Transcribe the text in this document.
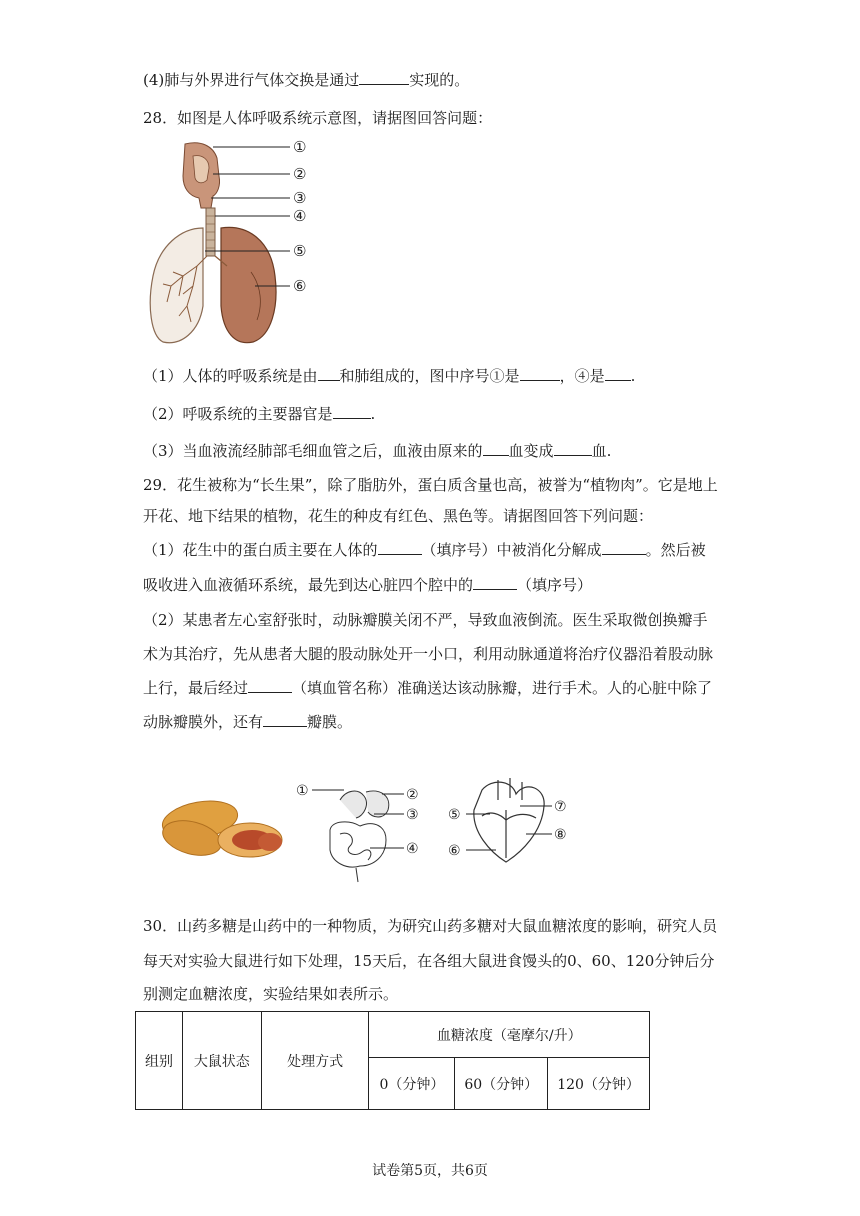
(4)肺与外界进行气体交换是通过	实现的。
28．如图是人体呼吸系统示意图，请据图回答问题：
①
②
③
④
⑤
⑥
（1）人体的呼吸系统是由 和肺组成的，图中序号①是	，④是 .
（2）呼吸系统的主要器官是	.
（3）当血液流经肺部毛细血管之后，血液由原来的 血变成	血.
29．花生被称为“长生果”，除了脂肪外，蛋白质含量也高，被誉为“植物肉”。它是地上
开花、地下结果的植物，花生的种皮有红色、黑色等。请据图回答下列问题：
（1）花生中的蛋白质主要在人体的	（填序号）中被消化分解成	。然后被
吸收进入血液循环系统，最先到达心脏四个腔中的	（填序号）
（2）某患者左心室舒张时，动脉瓣膜关闭不严，导致血液倒流。医生采取微创换瓣手
术为其治疗，先从患者大腿的股动脉处开一小口，利用动脉通道将治疗仪器沿着股动脉
上行，最后经过	（填血管名称）准确送达该动脉瓣，进行手术。人的心脏中除了
动脉瓣膜外，还有	瓣膜。
①	②
③
④
⑤
⑥
⑦
⑧
30．山药多糖是山药中的一种物质，为研究山药多糖对大鼠血糖浓度的影响，研究人员
每天对实验大鼠进行如下处理，15天后，在各组大鼠进食馒头的0、60、120分钟后分
别测定血糖浓度，实验结果如表所示。
组别	大鼠状态	处理方式	血糖浓度（毫摩尔/升）		
			0（分钟）	60（分钟）	120（分钟）
试卷第5页，共6页
